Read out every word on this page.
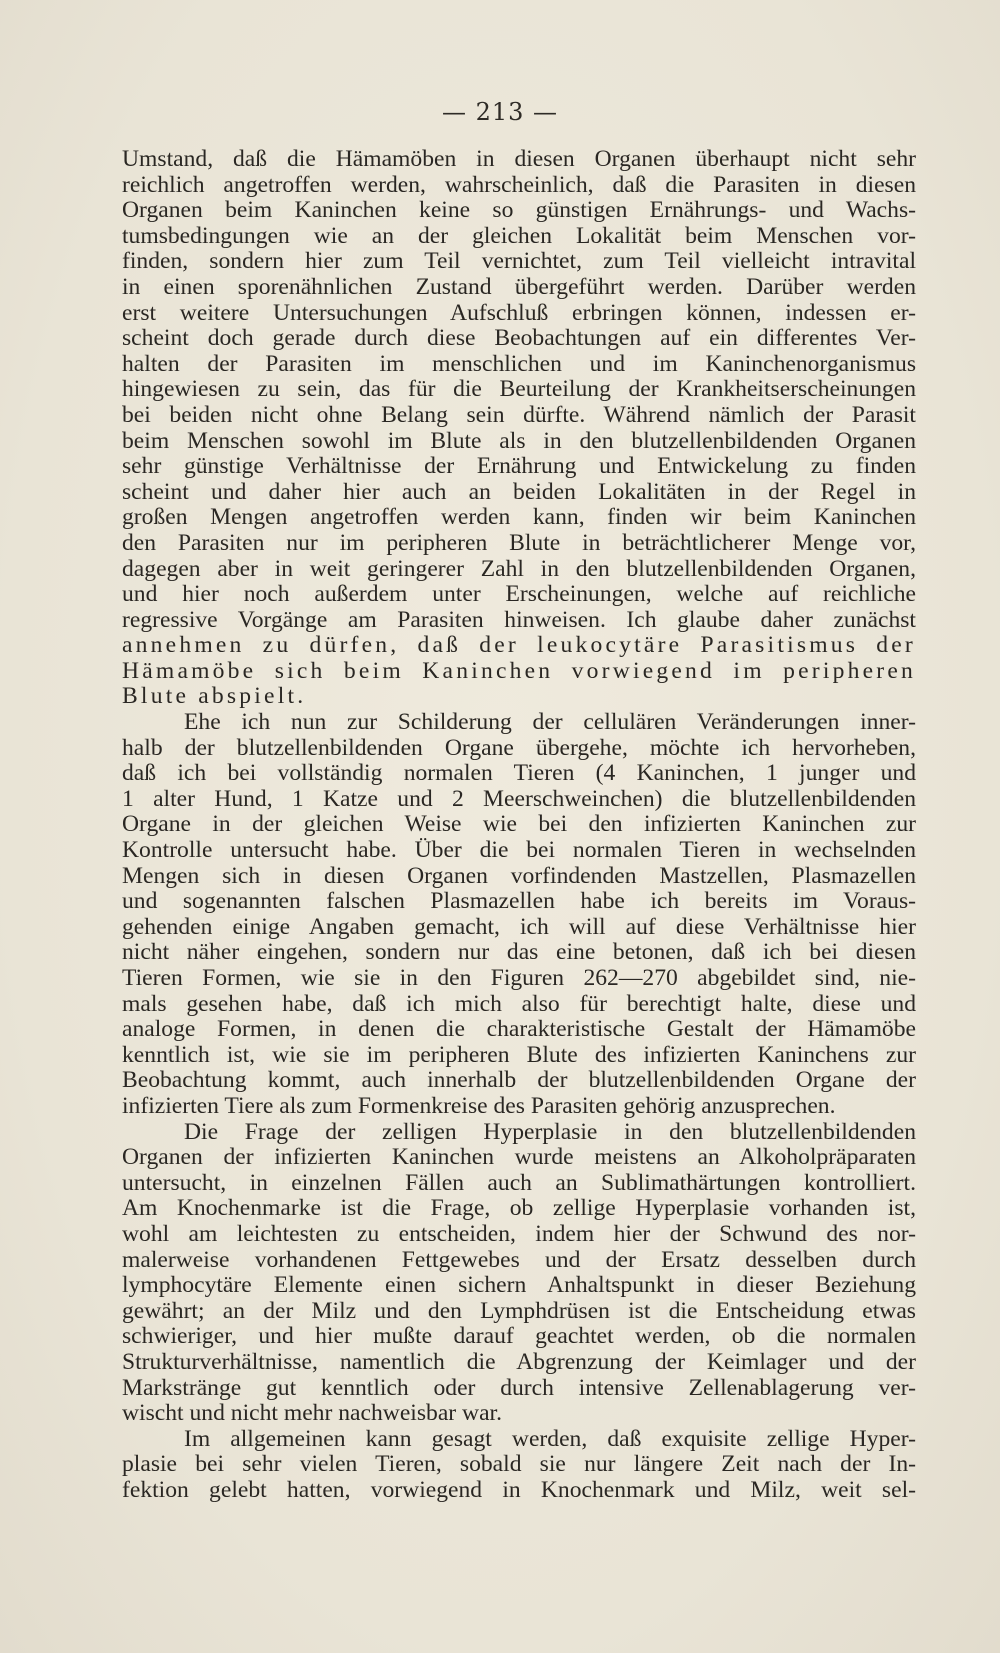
— 213 —
Umstand, daß die Hämamöben in diesen Organen überhaupt nicht sehr
reichlich angetroffen werden, wahrscheinlich, daß die Parasiten in diesen
Organen beim Kaninchen keine so günstigen Ernährungs- und Wachs-
tumsbedingungen wie an der gleichen Lokalität beim Menschen vor-
finden, sondern hier zum Teil vernichtet, zum Teil vielleicht intravital
in einen sporenähnlichen Zustand übergeführt werden. Darüber werden
erst weitere Untersuchungen Aufschluß erbringen können, indessen er-
scheint doch gerade durch diese Beobachtungen auf ein differentes Ver-
halten der Parasiten im menschlichen und im Kaninchenorganismus
hingewiesen zu sein, das für die Beurteilung der Krankheitserscheinungen
bei beiden nicht ohne Belang sein dürfte. Während nämlich der Parasit
beim Menschen sowohl im Blute als in den blutzellenbildenden Organen
sehr günstige Verhältnisse der Ernährung und Entwickelung zu finden
scheint und daher hier auch an beiden Lokalitäten in der Regel in
großen Mengen angetroffen werden kann, finden wir beim Kaninchen
den Parasiten nur im peripheren Blute in beträchtlicherer Menge vor,
dagegen aber in weit geringerer Zahl in den blutzellenbildenden Organen,
und hier noch außerdem unter Erscheinungen, welche auf reichliche
regressive Vorgänge am Parasiten hinweisen. Ich glaube daher zunächst
annehmen zu dürfen, daß der leukocytäre Parasitismus der
Hämamöbe sich beim Kaninchen vorwiegend im peripheren
Blute abspielt.
Ehe ich nun zur Schilderung der cellulären Veränderungen inner-
halb der blutzellenbildenden Organe übergehe, möchte ich hervorheben,
daß ich bei vollständig normalen Tieren (4 Kaninchen, 1 junger und
1 alter Hund, 1 Katze und 2 Meerschweinchen) die blutzellenbildenden
Organe in der gleichen Weise wie bei den infizierten Kaninchen zur
Kontrolle untersucht habe. Über die bei normalen Tieren in wechselnden
Mengen sich in diesen Organen vorfindenden Mastzellen, Plasmazellen
und sogenannten falschen Plasmazellen habe ich bereits im Voraus-
gehenden einige Angaben gemacht, ich will auf diese Verhältnisse hier
nicht näher eingehen, sondern nur das eine betonen, daß ich bei diesen
Tieren Formen, wie sie in den Figuren 262—270 abgebildet sind, nie-
mals gesehen habe, daß ich mich also für berechtigt halte, diese und
analoge Formen, in denen die charakteristische Gestalt der Hämamöbe
kenntlich ist, wie sie im peripheren Blute des infizierten Kaninchens zur
Beobachtung kommt, auch innerhalb der blutzellenbildenden Organe der
infizierten Tiere als zum Formenkreise des Parasiten gehörig anzusprechen.
Die Frage der zelligen Hyperplasie in den blutzellenbildenden
Organen der infizierten Kaninchen wurde meistens an Alkoholpräparaten
untersucht, in einzelnen Fällen auch an Sublimathärtungen kontrolliert.
Am Knochenmarke ist die Frage, ob zellige Hyperplasie vorhanden ist,
wohl am leichtesten zu entscheiden, indem hier der Schwund des nor-
malerweise vorhandenen Fettgewebes und der Ersatz desselben durch
lymphocytäre Elemente einen sichern Anhaltspunkt in dieser Beziehung
gewährt; an der Milz und den Lymphdrüsen ist die Entscheidung etwas
schwieriger, und hier mußte darauf geachtet werden, ob die normalen
Strukturverhältnisse, namentlich die Abgrenzung der Keimlager und der
Markstränge gut kenntlich oder durch intensive Zellenablagerung ver-
wischt und nicht mehr nachweisbar war.
Im allgemeinen kann gesagt werden, daß exquisite zellige Hyper-
plasie bei sehr vielen Tieren, sobald sie nur längere Zeit nach der In-
fektion gelebt hatten, vorwiegend in Knochenmark und Milz, weit sel-
